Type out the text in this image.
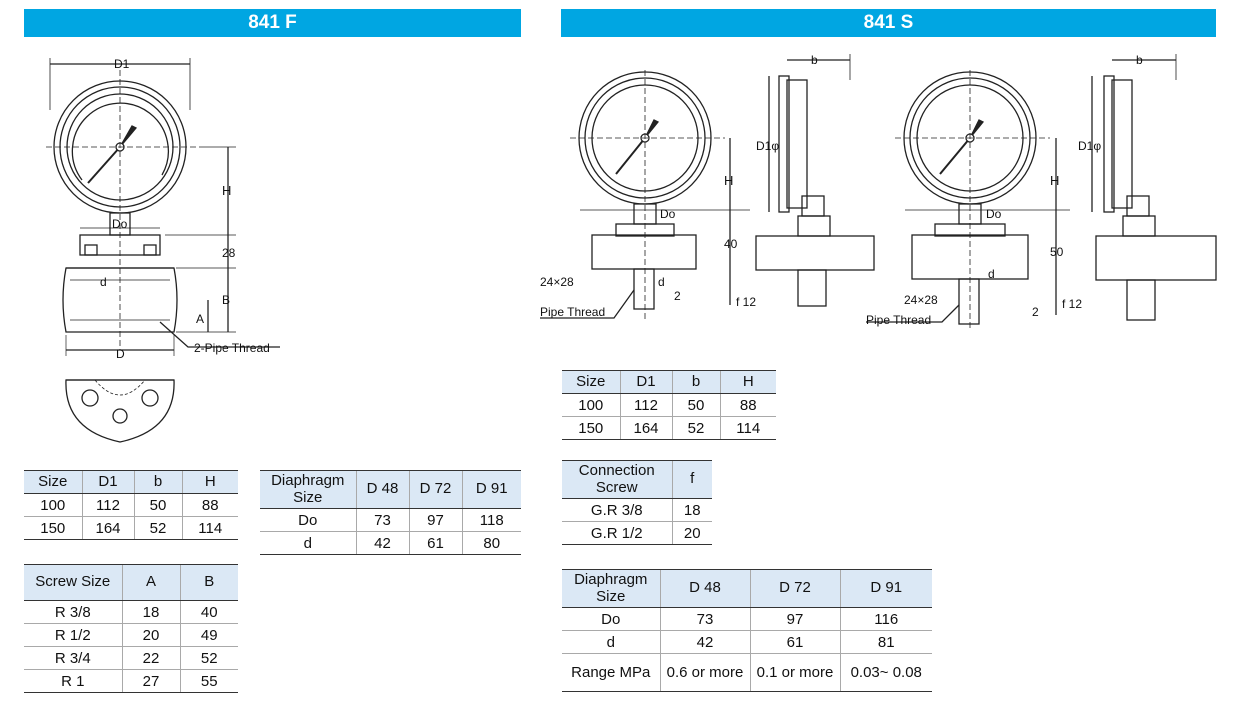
841 F	841 S
D1
H
Do
28
d
B
A
D	2-Pipe Thread
Do
H
40
24×28	d
f 12
2
Pipe Thread
b
D1φ
Do
H
50
24×28
d
f 12
2
Pipe Thread
b
D1φ
Size	D1	b	H
100	112	50	88
150	164	52	114
Diaphragm Size	D 48	D 72	D 91
Do	73	97	118
d	42	61	80
Screw Size	A	B
R 3/8	18	40
R 1/2	20	49
R 3/4	22	52
R 1	27	55
Size	D1	b	H
100	112	50	88
150	164	52	114
Connection Screw	f
G.R 3/8	18
G.R 1/2	20
Diaphragm Size	D 48	D 72	D 91
Do	73	97	116
d	42	61	81
Range MPa	0.6 or more	0.1 or more	0.03~ 0.08
